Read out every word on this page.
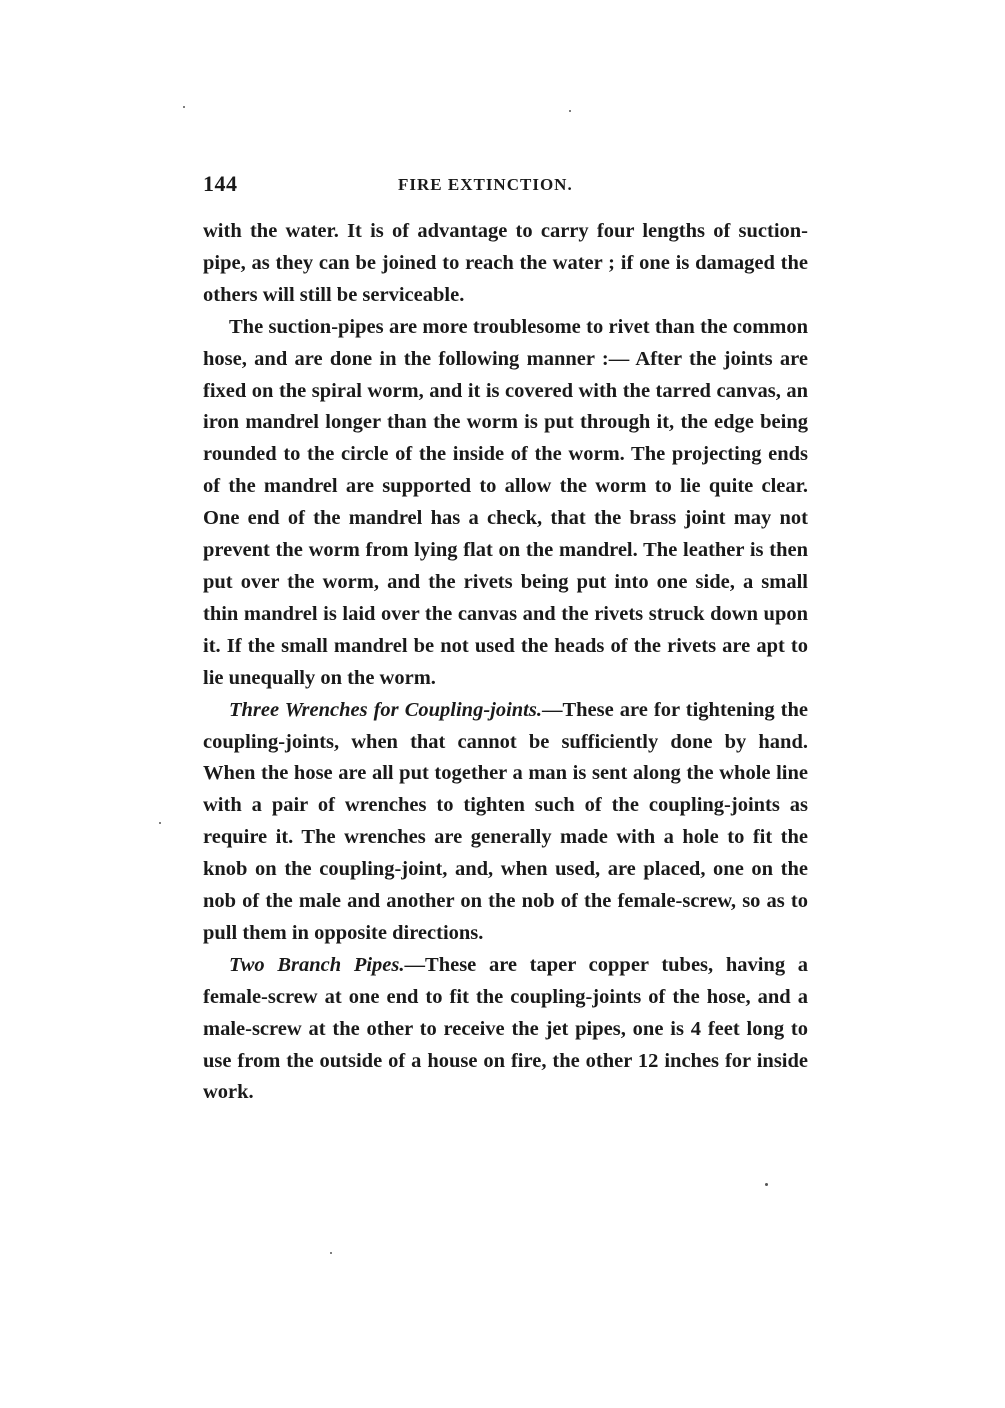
144	FIRE EXTINCTION.

with the water. It is of advantage to carry four lengths of suction-pipe, as they can be joined to reach the water ; if one is damaged the others will still be serviceable.

The suction-pipes are more troublesome to rivet than the common hose, and are done in the following manner :— After the joints are fixed on the spiral worm, and it is covered with the tarred canvas, an iron mandrel longer than the worm is put through it, the edge being rounded to the circle of the inside of the worm. The projecting ends of the mandrel are supported to allow the worm to lie quite clear. One end of the mandrel has a check, that the brass joint may not prevent the worm from lying flat on the mandrel. The leather is then put over the worm, and the rivets being put into one side, a small thin mandrel is laid over the canvas and the rivets struck down upon it. If the small mandrel be not used the heads of the rivets are apt to lie unequally on the worm.

Three Wrenches for Coupling-joints.—These are for tightening the coupling-joints, when that cannot be sufficiently done by hand. When the hose are all put together a man is sent along the whole line with a pair of wrenches to tighten such of the coupling-joints as require it. The wrenches are generally made with a hole to fit the knob on the coupling-joint, and, when used, are placed, one on the nob of the male and another on the nob of the female-screw, so as to pull them in opposite directions.

Two Branch Pipes.—These are taper copper tubes, having a female-screw at one end to fit the coupling-joints of the hose, and a male-screw at the other to receive the jet pipes, one is 4 feet long to use from the outside of a house on fire, the other 12 inches for inside work.
